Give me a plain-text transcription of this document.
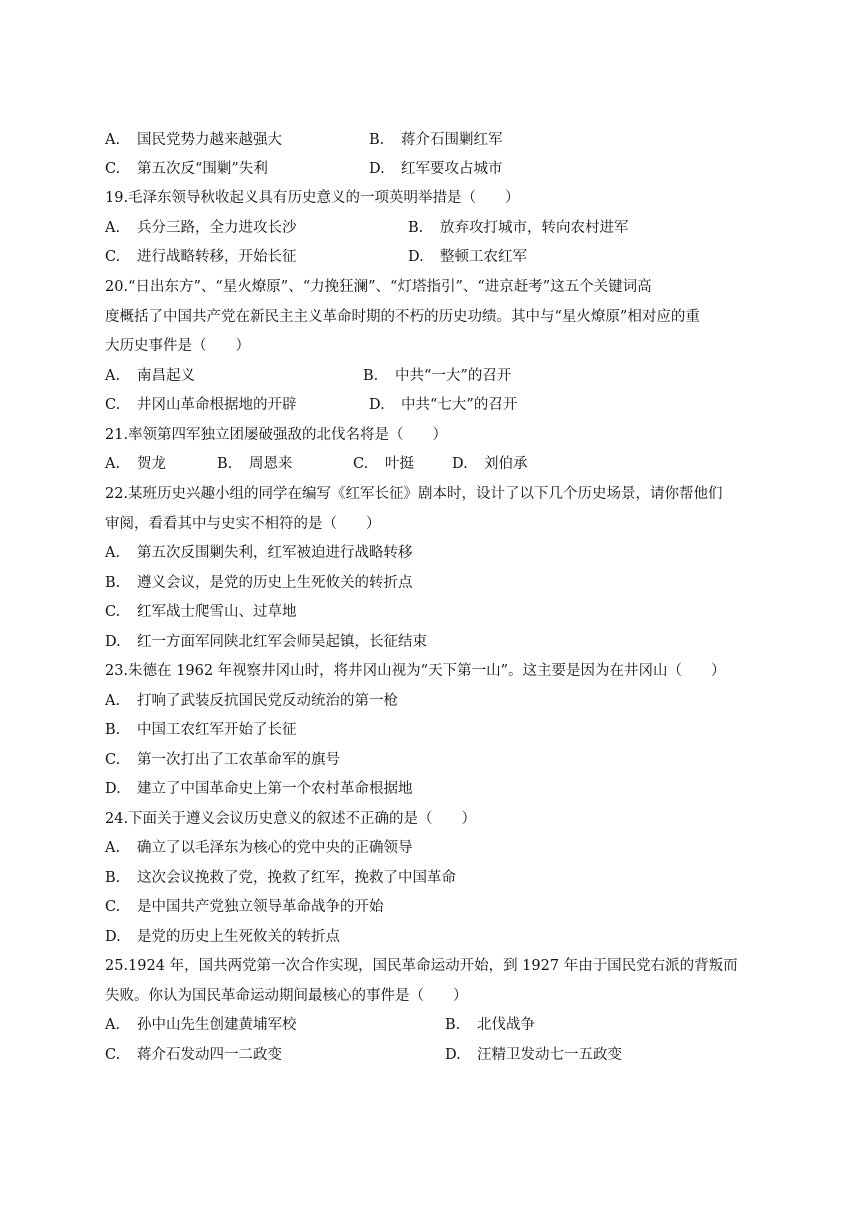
A. 国民党势力越来越强大	B. 蒋介石围剿红军
C. 第五次反“围剿”失利	D. 红军要攻占城市
19.毛泽东领导秋收起义具有历史意义的一项英明举措是（　　）
A. 兵分三路，全力进攻长沙	B. 放弃攻打城市，转向农村进军
C. 进行战略转移，开始长征	D. 整顿工农红军
20.“日出东方”、“星火燎原”、“力挽狂澜”、“灯塔指引”、“进京赶考”这五个关键词高
度概括了中国共产党在新民主主义革命时期的不朽的历史功绩。其中与“星火燎原”相对应的重
大历史事件是（　　）
A. 南昌起义	B. 中共“一大”的召开
C. 井冈山革命根据地的开辟	D. 中共“七大”的召开
21.率领第四军独立团屡破强敌的北伐名将是（　　）
A. 贺龙	B. 周恩来	C. 叶挺	D. 刘伯承
22.某班历史兴趣小组的同学在编写《红军长征》剧本时，设计了以下几个历史场景，请你帮他们
审阅，看看其中与史实不相符的是（　　）
A. 第五次反围剿失利，红军被迫进行战略转移
B. 遵义会议，是党的历史上生死攸关的转折点
C. 红军战士爬雪山、过草地
D. 红一方面军同陕北红军会师吴起镇，长征结束
23.朱德在 1962 年视察井冈山时，将井冈山视为“天下第一山”。这主要是因为在井冈山（　　）
A. 打响了武装反抗国民党反动统治的第一枪
B. 中国工农红军开始了长征
C. 第一次打出了工农革命军的旗号
D. 建立了中国革命史上第一个农村革命根据地
24.下面关于遵义会议历史意义的叙述不正确的是（　　）
A. 确立了以毛泽东为核心的党中央的正确领导
B. 这次会议挽救了党，挽救了红军，挽救了中国革命
C. 是中国共产党独立领导革命战争的开始
D. 是党的历史上生死攸关的转折点
25.1924 年，国共两党第一次合作实现，国民革命运动开始，到 1927 年由于国民党右派的背叛而
失败。你认为国民革命运动期间最核心的事件是（　　）
A. 孙中山先生创建黄埔军校	B. 北伐战争
C. 蒋介石发动四一二政变	D. 汪精卫发动七一五政变
